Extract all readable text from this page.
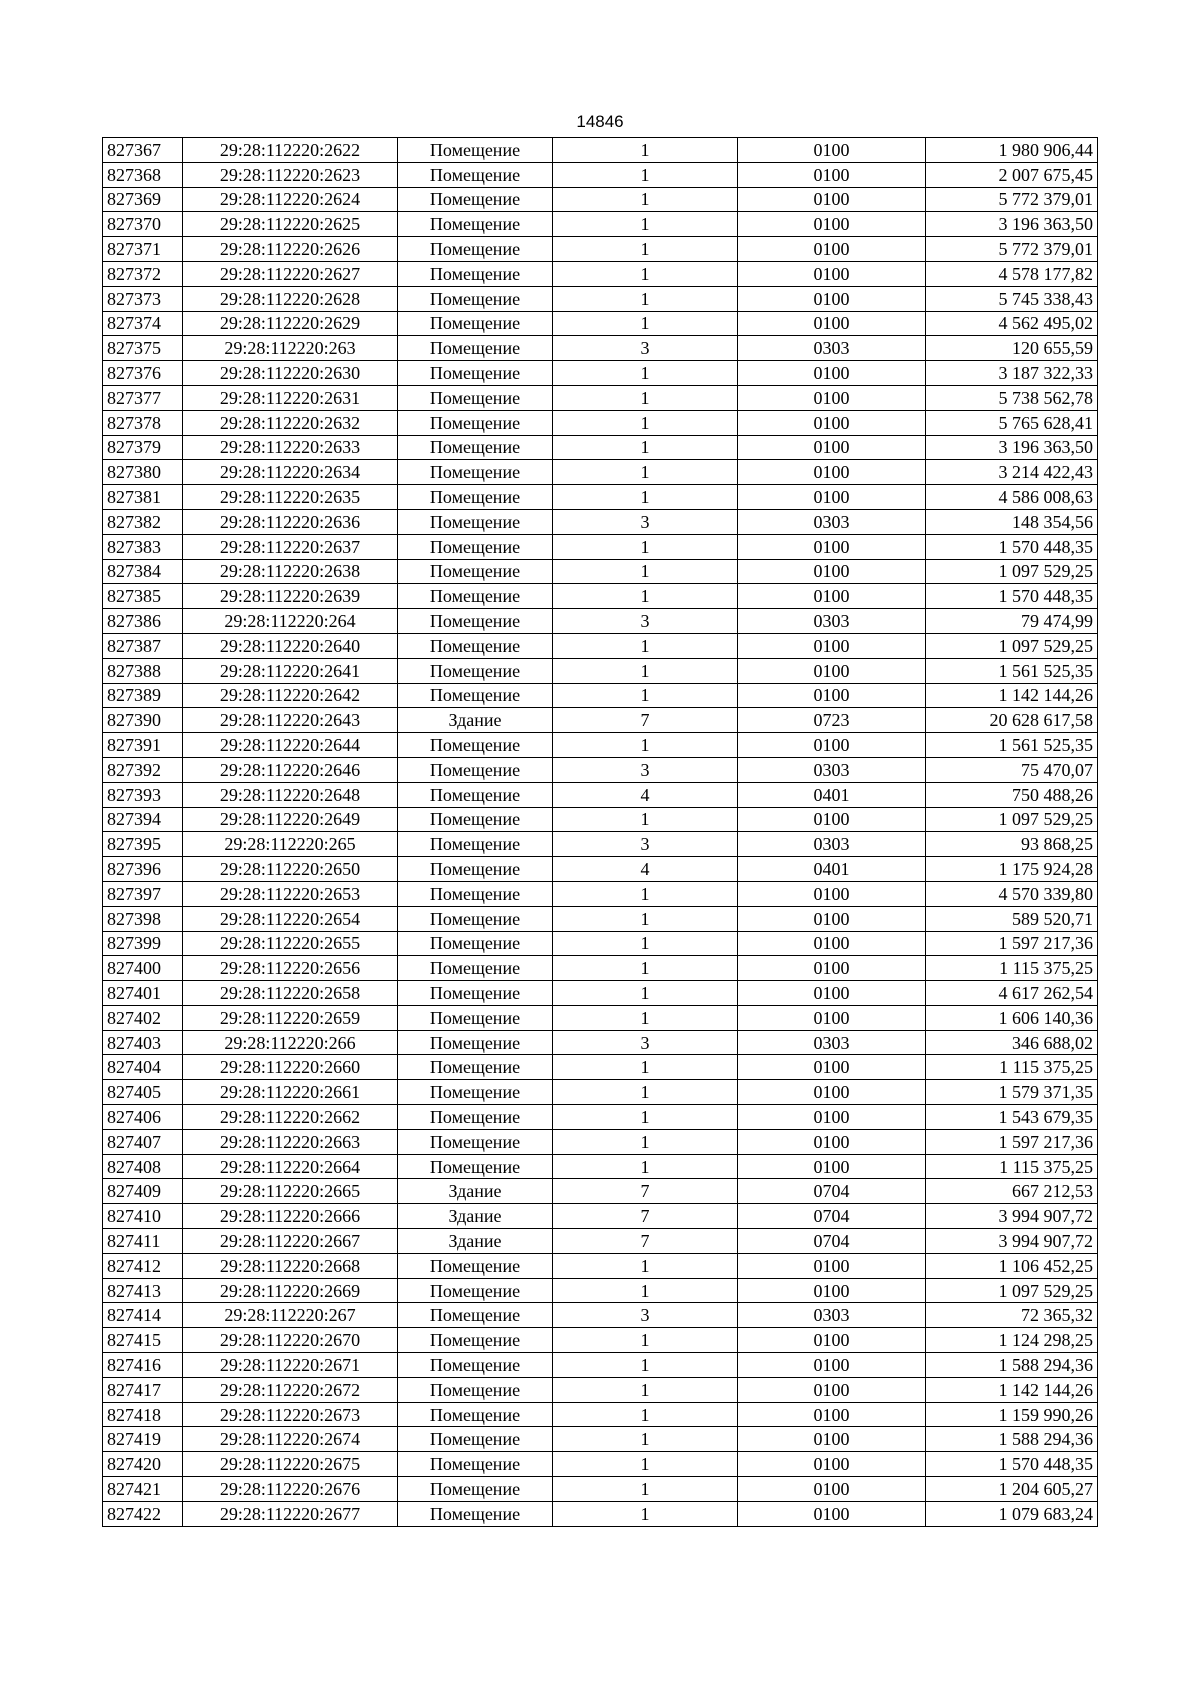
14846
827367	29:28:112220:2622	Помещение	1	0100	1 980 906,44
827368	29:28:112220:2623	Помещение	1	0100	2 007 675,45
827369	29:28:112220:2624	Помещение	1	0100	5 772 379,01
827370	29:28:112220:2625	Помещение	1	0100	3 196 363,50
827371	29:28:112220:2626	Помещение	1	0100	5 772 379,01
827372	29:28:112220:2627	Помещение	1	0100	4 578 177,82
827373	29:28:112220:2628	Помещение	1	0100	5 745 338,43
827374	29:28:112220:2629	Помещение	1	0100	4 562 495,02
827375	29:28:112220:263	Помещение	3	0303	120 655,59
827376	29:28:112220:2630	Помещение	1	0100	3 187 322,33
827377	29:28:112220:2631	Помещение	1	0100	5 738 562,78
827378	29:28:112220:2632	Помещение	1	0100	5 765 628,41
827379	29:28:112220:2633	Помещение	1	0100	3 196 363,50
827380	29:28:112220:2634	Помещение	1	0100	3 214 422,43
827381	29:28:112220:2635	Помещение	1	0100	4 586 008,63
827382	29:28:112220:2636	Помещение	3	0303	148 354,56
827383	29:28:112220:2637	Помещение	1	0100	1 570 448,35
827384	29:28:112220:2638	Помещение	1	0100	1 097 529,25
827385	29:28:112220:2639	Помещение	1	0100	1 570 448,35
827386	29:28:112220:264	Помещение	3	0303	79 474,99
827387	29:28:112220:2640	Помещение	1	0100	1 097 529,25
827388	29:28:112220:2641	Помещение	1	0100	1 561 525,35
827389	29:28:112220:2642	Помещение	1	0100	1 142 144,26
827390	29:28:112220:2643	Здание	7	0723	20 628 617,58
827391	29:28:112220:2644	Помещение	1	0100	1 561 525,35
827392	29:28:112220:2646	Помещение	3	0303	75 470,07
827393	29:28:112220:2648	Помещение	4	0401	750 488,26
827394	29:28:112220:2649	Помещение	1	0100	1 097 529,25
827395	29:28:112220:265	Помещение	3	0303	93 868,25
827396	29:28:112220:2650	Помещение	4	0401	1 175 924,28
827397	29:28:112220:2653	Помещение	1	0100	4 570 339,80
827398	29:28:112220:2654	Помещение	1	0100	589 520,71
827399	29:28:112220:2655	Помещение	1	0100	1 597 217,36
827400	29:28:112220:2656	Помещение	1	0100	1 115 375,25
827401	29:28:112220:2658	Помещение	1	0100	4 617 262,54
827402	29:28:112220:2659	Помещение	1	0100	1 606 140,36
827403	29:28:112220:266	Помещение	3	0303	346 688,02
827404	29:28:112220:2660	Помещение	1	0100	1 115 375,25
827405	29:28:112220:2661	Помещение	1	0100	1 579 371,35
827406	29:28:112220:2662	Помещение	1	0100	1 543 679,35
827407	29:28:112220:2663	Помещение	1	0100	1 597 217,36
827408	29:28:112220:2664	Помещение	1	0100	1 115 375,25
827409	29:28:112220:2665	Здание	7	0704	667 212,53
827410	29:28:112220:2666	Здание	7	0704	3 994 907,72
827411	29:28:112220:2667	Здание	7	0704	3 994 907,72
827412	29:28:112220:2668	Помещение	1	0100	1 106 452,25
827413	29:28:112220:2669	Помещение	1	0100	1 097 529,25
827414	29:28:112220:267	Помещение	3	0303	72 365,32
827415	29:28:112220:2670	Помещение	1	0100	1 124 298,25
827416	29:28:112220:2671	Помещение	1	0100	1 588 294,36
827417	29:28:112220:2672	Помещение	1	0100	1 142 144,26
827418	29:28:112220:2673	Помещение	1	0100	1 159 990,26
827419	29:28:112220:2674	Помещение	1	0100	1 588 294,36
827420	29:28:112220:2675	Помещение	1	0100	1 570 448,35
827421	29:28:112220:2676	Помещение	1	0100	1 204 605,27
827422	29:28:112220:2677	Помещение	1	0100	1 079 683,24
